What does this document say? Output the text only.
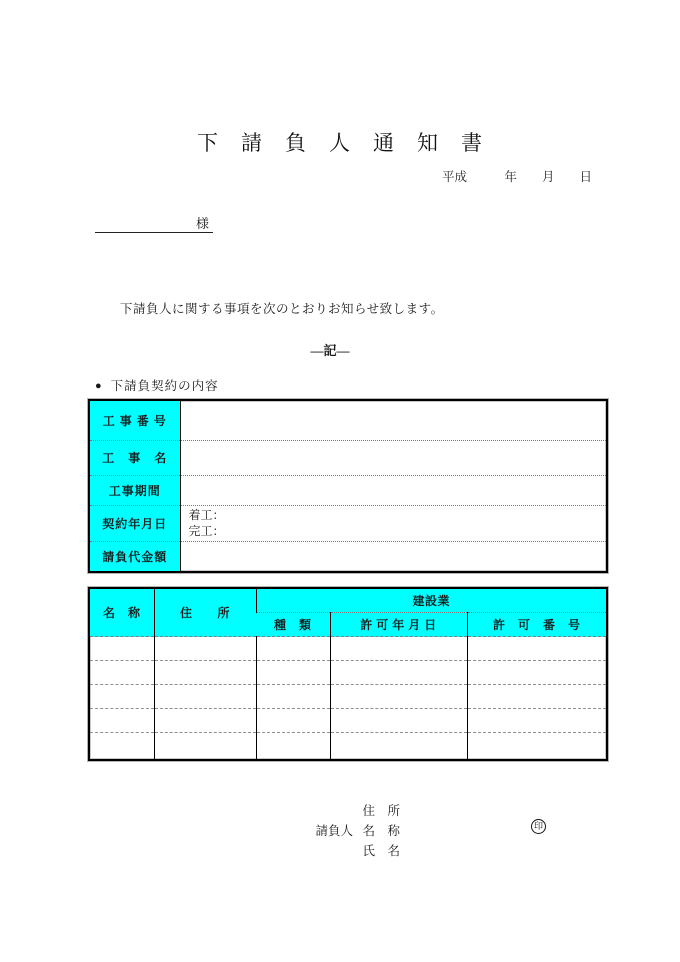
下　請　負　人　通　知　書
平成　　　年　　月　　日
様
下請負人に関する事項を次のとおりお知らせ致します。
―記―
● 下請負契約の内容
工 事 番 号	
工　事　名	
工事期間	
契約年月日	着工：
完工：

請負代金額	
名　称	住　　所	建設業		
		種　類	許 可 年 月 日	許　可　番　号

住　所

請負人 名　称

氏　名

印
